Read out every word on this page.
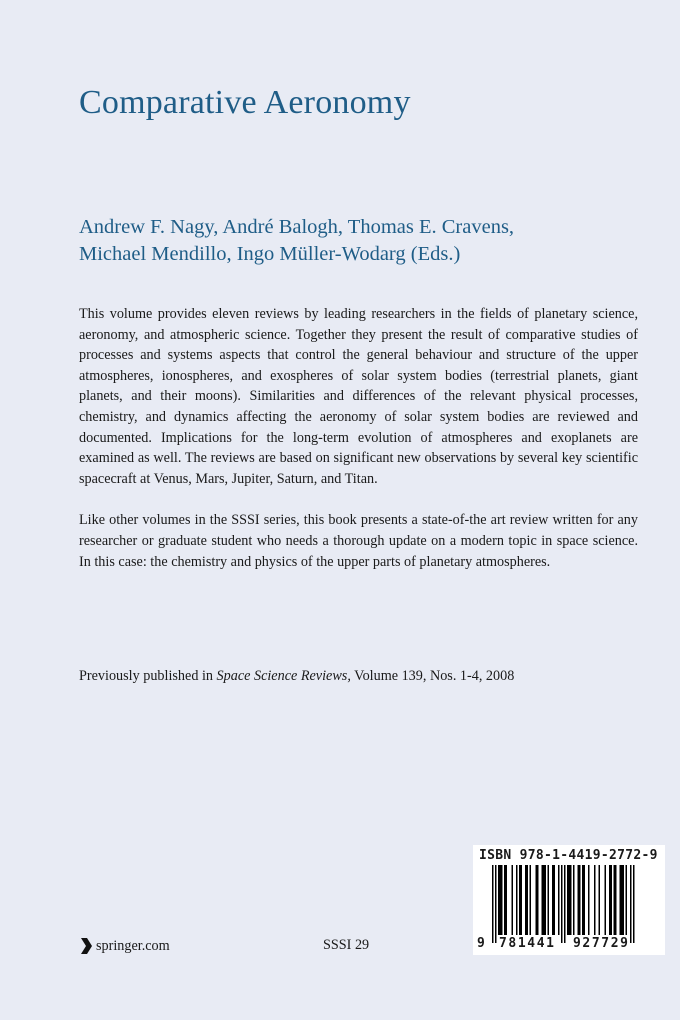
Comparative Aeronomy
Andrew F. Nagy, André Balogh, Thomas E. Cravens,
Michael Mendillo, Ingo Müller-Wodarg (Eds.)

This volume provides eleven reviews by leading researchers in the fields of planetary science, aeronomy, and atmospheric science. Together they present the result of comparative studies of processes and systems aspects that control the general behaviour and structure of the upper atmospheres, ionospheres, and exospheres of solar system bodies (terrestrial planets, giant planets, and their moons). Similarities and differences of the relevant physical processes, chemistry, and dynamics affecting the aeronomy of solar system bodies are reviewed and documented. Implications for the long-term evolution of atmospheres and exoplanets are examined as well. The reviews are based on significant new observations by several key scientific spacecraft at Venus, Mars, Jupiter, Saturn, and Titan.

Like other volumes in the SSSI series, this book presents a state-of-the art review written for any researcher or graduate student who needs a thorough update on a modern topic in space science. In this case: the chemistry and physics of the upper parts of planetary atmospheres.

Previously published in Space Science Reviews, Volume 139, Nos. 1-4, 2008
springer.com	SSSI 29
ISBN 978-1-4419-2772-9
9 781441 927729
